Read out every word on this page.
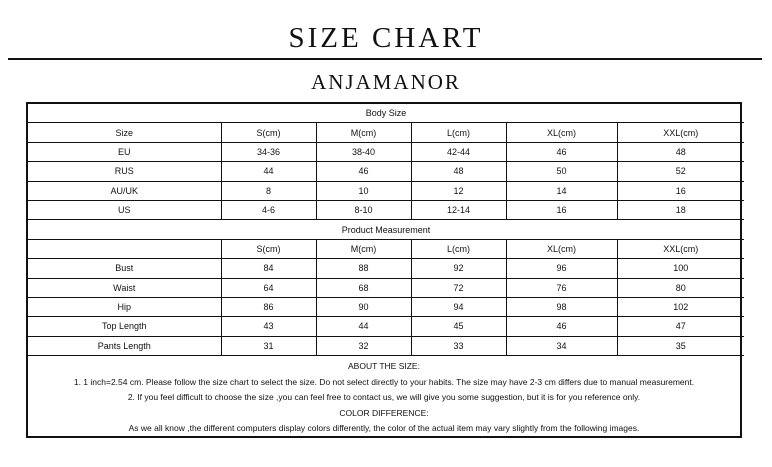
SIZE CHART
ANJAMANOR
Body Size					
Size	S(cm)	M(cm)	L(cm)	XL(cm)	XXL(cm)
EU	34-36	38-40	42-44	46	48
RUS	44	46	48	50	52
AU/UK	8	10	12	14	16
US	4-6	8-10	12-14	16	18
Product Measurement					
	S(cm)	M(cm)	L(cm)	XL(cm)	XXL(cm)
Bust	84	88	92	96	100
Waist	64	68	72	76	80
Hip	86	90	94	98	102
Top Length	43	44	45	46	47
Pants Length	31	32	33	34	35
ABOUT THE SIZE:
1. 1 inch=2.54 cm. Please follow the size chart to select the size. Do not select directly to your habits. The size may have 2-3 cm differs due to manual measurement.
2. If you feel difficult to choose the size ,you can feel free to contact us, we will give you some suggestion, but it is for you reference only.
COLOR DIFFERENCE:
As we all know ,the different computers display colors differently, the color of the actual item may vary slightly from the following images.
